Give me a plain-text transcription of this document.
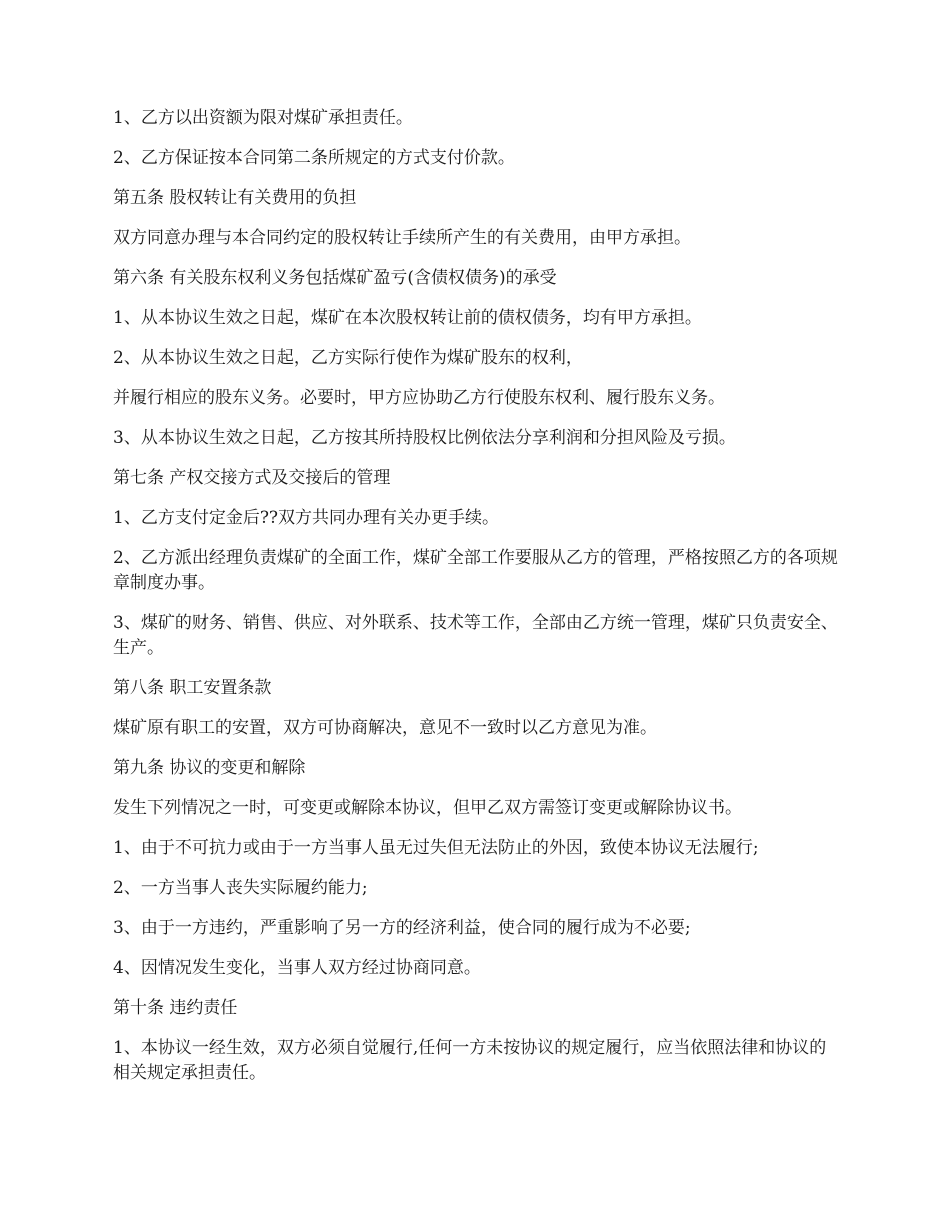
1、乙方以出资额为限对煤矿承担责任。

2、乙方保证按本合同第二条所规定的方式支付价款。

第五条 股权转让有关费用的负担

双方同意办理与本合同约定的股权转让手续所产生的有关费用，由甲方承担。

第六条 有关股东权利义务包括煤矿盈亏(含债权债务)的承受

1、从本协议生效之日起，煤矿在本次股权转让前的债权债务，均有甲方承担。

2、从本协议生效之日起，乙方实际行使作为煤矿股东的权利，

并履行相应的股东义务。必要时，甲方应协助乙方行使股东权利、履行股东义务。

3、从本协议生效之日起，乙方按其所持股权比例依法分享利润和分担风险及亏损。

第七条 产权交接方式及交接后的管理

1、乙方支付定金后??双方共同办理有关办更手续。

2、乙方派出经理负责煤矿的全面工作，煤矿全部工作要服从乙方的管理，严格按照乙方的各项规章制度办事。

3、煤矿的财务、销售、供应、对外联系、技术等工作，全部由乙方统一管理，煤矿只负责安全、生产。

第八条 职工安置条款

煤矿原有职工的安置，双方可协商解决，意见不一致时以乙方意见为准。

第九条 协议的变更和解除

发生下列情况之一时，可变更或解除本协议，但甲乙双方需签订变更或解除协议书。

1、由于不可抗力或由于一方当事人虽无过失但无法防止的外因，致使本协议无法履行;

2、一方当事人丧失实际履约能力;

3、由于一方违约，严重影响了另一方的经济利益，使合同的履行成为不必要;

4、因情况发生变化，当事人双方经过协商同意。

第十条 违约责任

1、本协议一经生效，双方必须自觉履行,任何一方未按协议的规定履行，应当依照法律和协议的相关规定承担责任。
